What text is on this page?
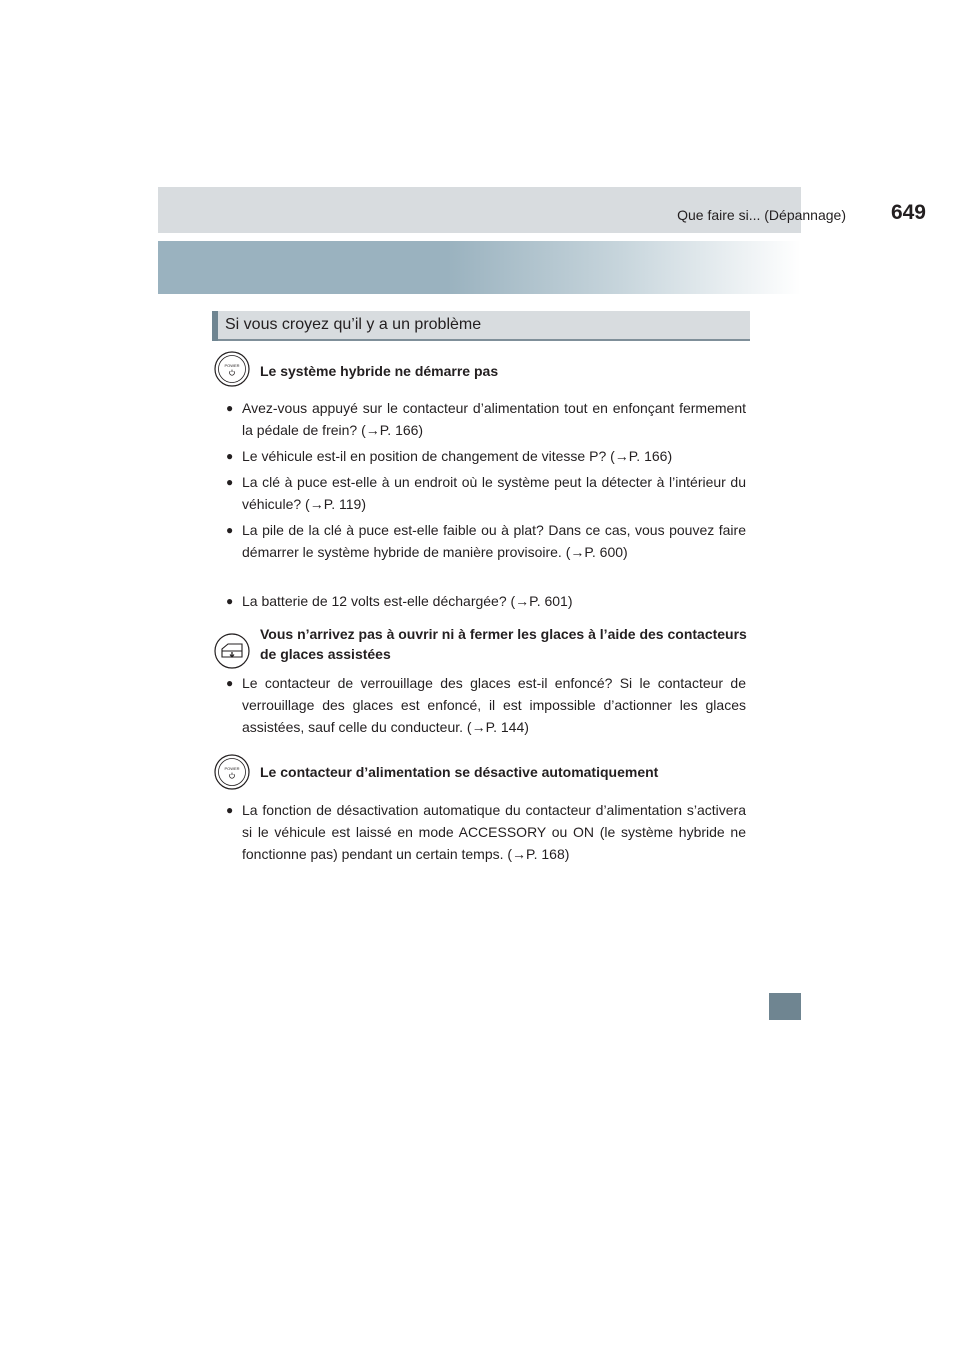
Que faire si... (Dépannage) 649
Si vous croyez qu’il y a un problème
POWER Le système hybride ne démarre pas
● Avez-vous appuyé sur le contacteur d’alimentation tout en enfonçant fermement la pédale de frein? (→P. 166)
● Le véhicule est-il en position de changement de vitesse P? (→P. 166)
● La clé à puce est-elle à un endroit où le système peut la détecter à l’intérieur du véhicule? (→P. 119)
● La pile de la clé à puce est-elle faible ou à plat? Dans ce cas, vous pouvez faire démarrer le système hybride de manière provisoire. (→P. 600)
● La batterie de 12 volts est-elle déchargée? (→P. 601)
Vous n’arrivez pas à ouvrir ni à fermer les glaces à l’aide des contacteurs de glaces assistées
● Le contacteur de verrouillage des glaces est-il enfoncé? Si le contacteur de verrouillage des glaces est enfoncé, il est impossible d’actionner les glaces assistées, sauf celle du conducteur. (→P. 144)
POWER Le contacteur d’alimentation se désactive automatiquement
● La fonction de désactivation automatique du contacteur d’alimentation s’activera si le véhicule est laissé en mode ACCESSORY ou ON (le système hybride ne fonctionne pas) pendant un certain temps. (→P. 168)
